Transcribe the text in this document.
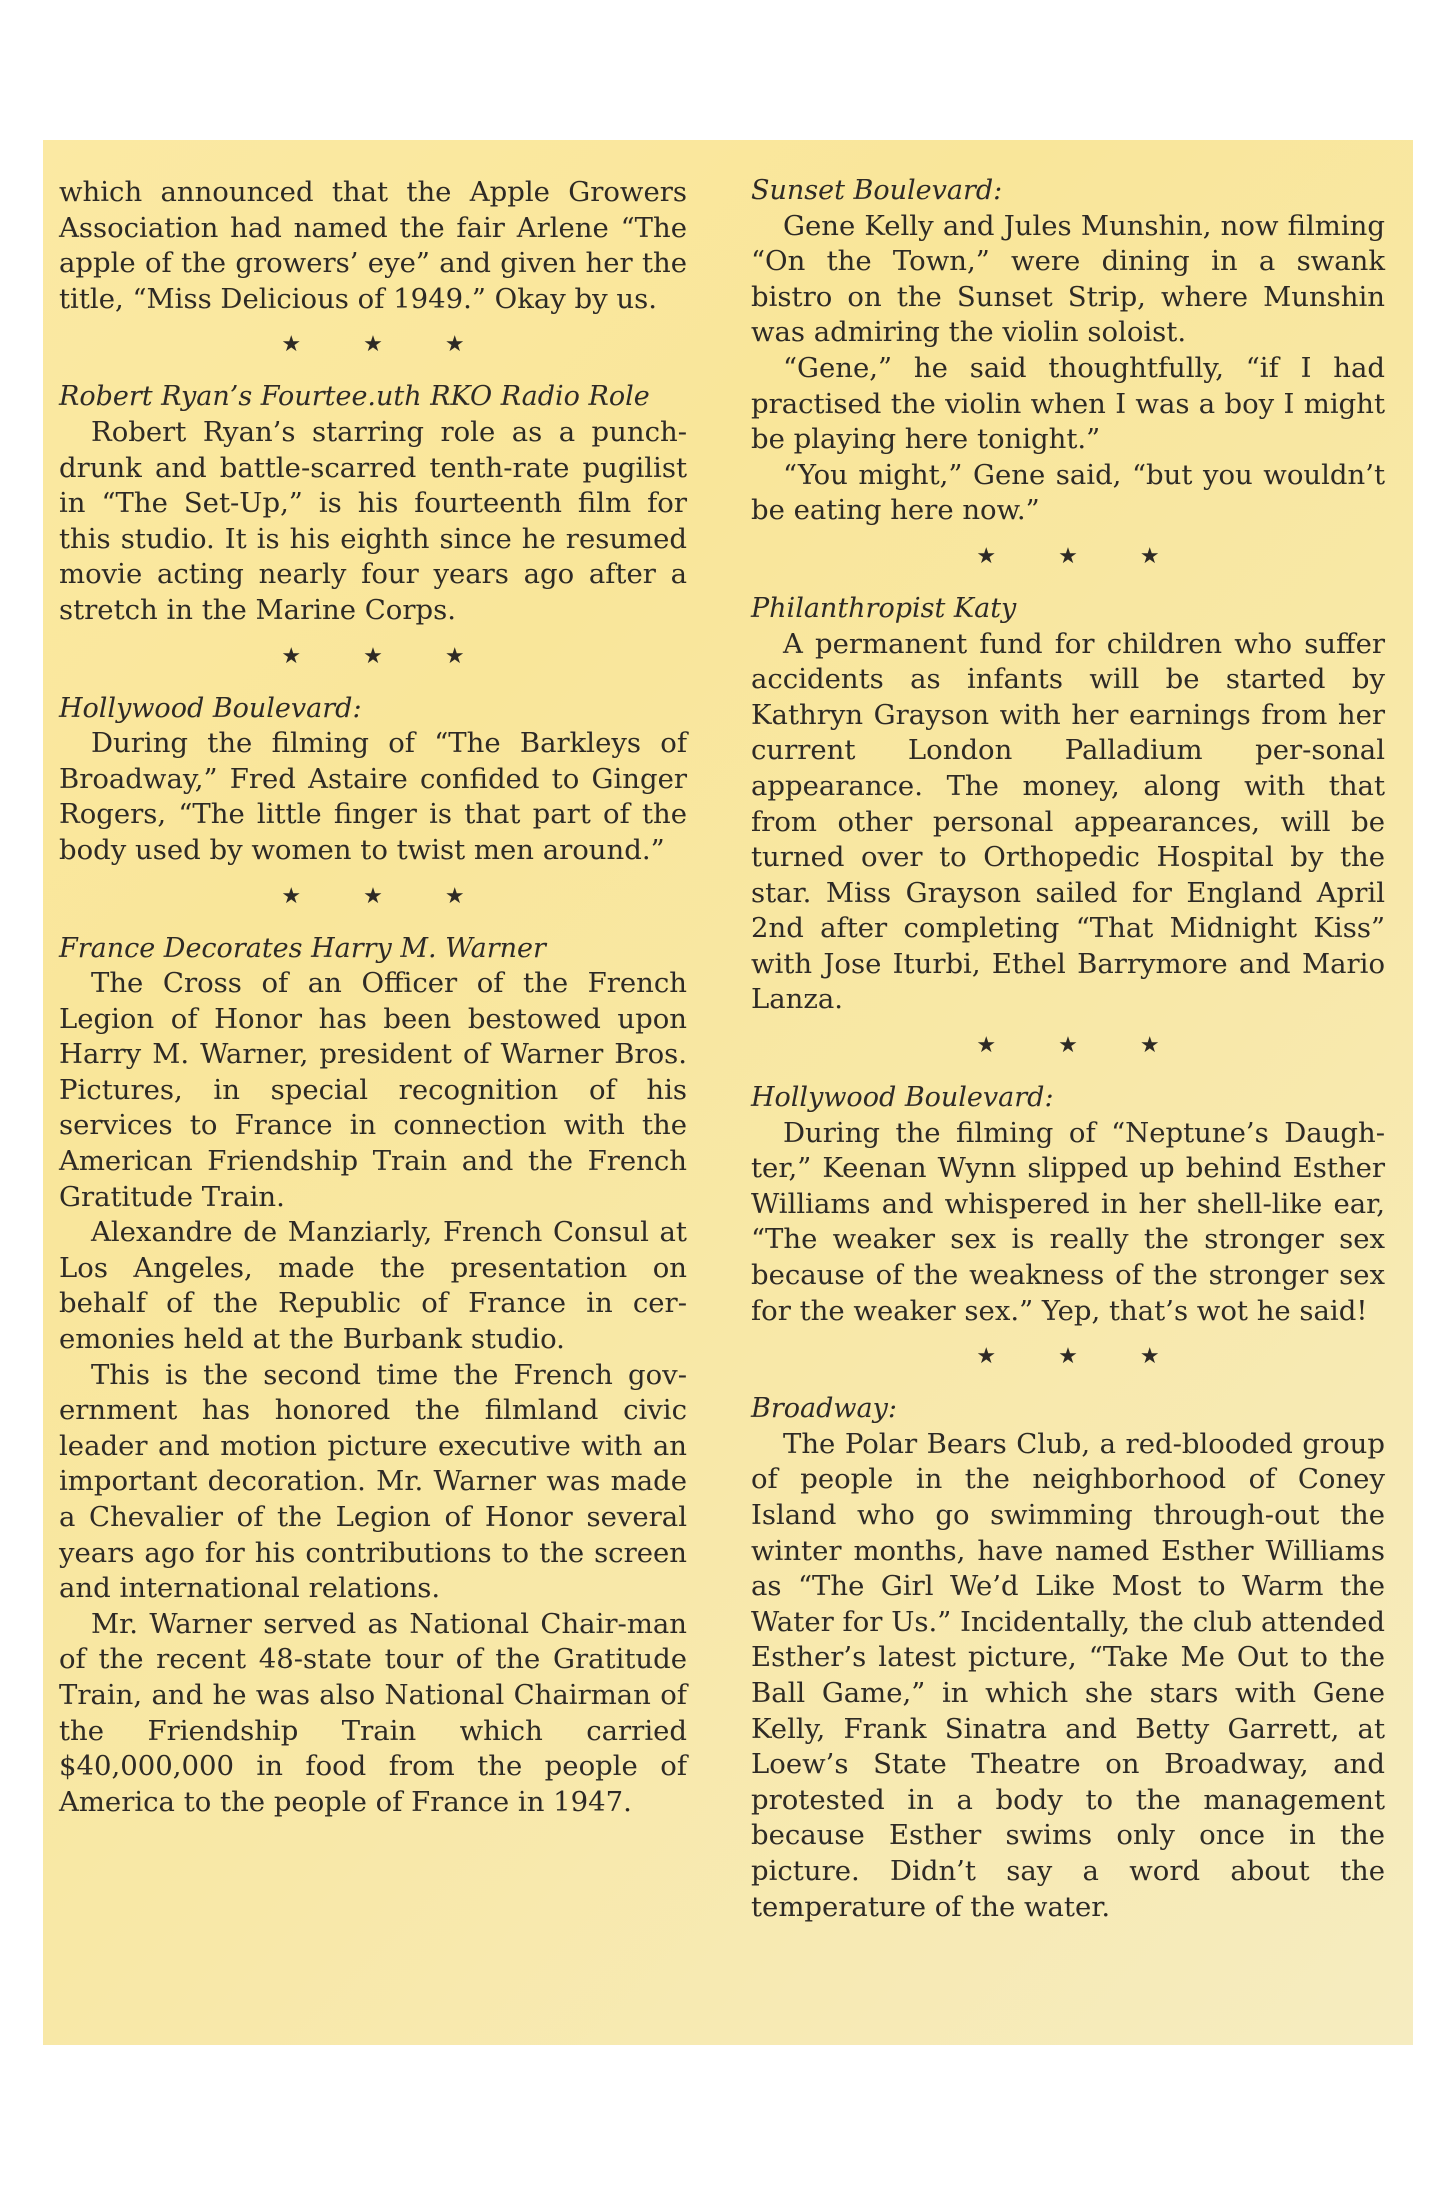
which announced that the Apple Growers Association had named the fair Arlene “The apple of the growers’ eye” and given her the title, “Miss Delicious of 1949.” Okay by us.

★★★

Robert Ryan’s Fourtee.uth RKO Radio Role

Robert Ryan’s starring role as a punch-drunk and battle-scarred tenth-rate pugilist in “The Set-Up,” is his fourteenth film for this studio. It is his eighth since he resumed movie acting nearly four years ago after a stretch in the Marine Corps.

★★★

Hollywood Boulevard:

During the filming of “The Barkleys of Broadway,” Fred Astaire confided to Ginger Rogers, “The little finger is that part of the body used by women to twist men around.”

★★★

France Decorates Harry M. Warner

The Cross of an Officer of the French Legion of Honor has been bestowed upon Harry M. Warner, president of Warner Bros. Pictures, in special recognition of his services to France in connection with the American Friendship Train and the French Gratitude Train.

Alexandre de Manziarly, French Consul at Los Angeles, made the presentation on behalf of the Republic of France in cer-emonies held at the Burbank studio.

This is the second time the French gov-ernment has honored the filmland civic leader and motion picture executive with an important decoration. Mr. Warner was made a Chevalier of the Legion of Honor several years ago for his contributions to the screen and international relations.

Mr. Warner served as National Chair-man of the recent 48-state tour of the Gratitude Train, and he was also National Chairman of the Friendship Train which carried $40,000,000 in food from the people of America to the people of France in 1947.

Sunset Boulevard:

Gene Kelly and Jules Munshin, now filming “On the Town,” were dining in a swank bistro on the Sunset Strip, where Munshin was admiring the violin soloist.

“Gene,” he said thoughtfully, “if I had practised the violin when I was a boy I might be playing here tonight.”

“You might,” Gene said, “but you wouldn’t be eating here now.”

★★★

Philanthropist Katy

A permanent fund for children who suffer accidents as infants will be started by Kathryn Grayson with her earnings from her current London Palladium per-sonal appearance. The money, along with that from other personal appearances, will be turned over to Orthopedic Hospital by the star. Miss Grayson sailed for England April 2nd after completing “That Midnight Kiss” with Jose Iturbi, Ethel Barrymore and Mario Lanza.

★★★

Hollywood Boulevard:

During the filming of “Neptune’s Daugh-ter,” Keenan Wynn slipped up behind Esther Williams and whispered in her shell-like ear, “The weaker sex is really the stronger sex because of the weakness of the stronger sex for the weaker sex.” Yep, that’s wot he said!

★★★

Broadway:

The Polar Bears Club, a red-blooded group of people in the neighborhood of Coney Island who go swimming through-out the winter months, have named Esther Williams as “The Girl We’d Like Most to Warm the Water for Us.” Incidentally, the club attended Esther’s latest picture, “Take Me Out to the Ball Game,” in which she stars with Gene Kelly, Frank Sinatra and Betty Garrett, at Loew’s State Theatre on Broadway, and protested in a body to the management because Esther swims only once in the picture. Didn’t say a word about the temperature of the water.
